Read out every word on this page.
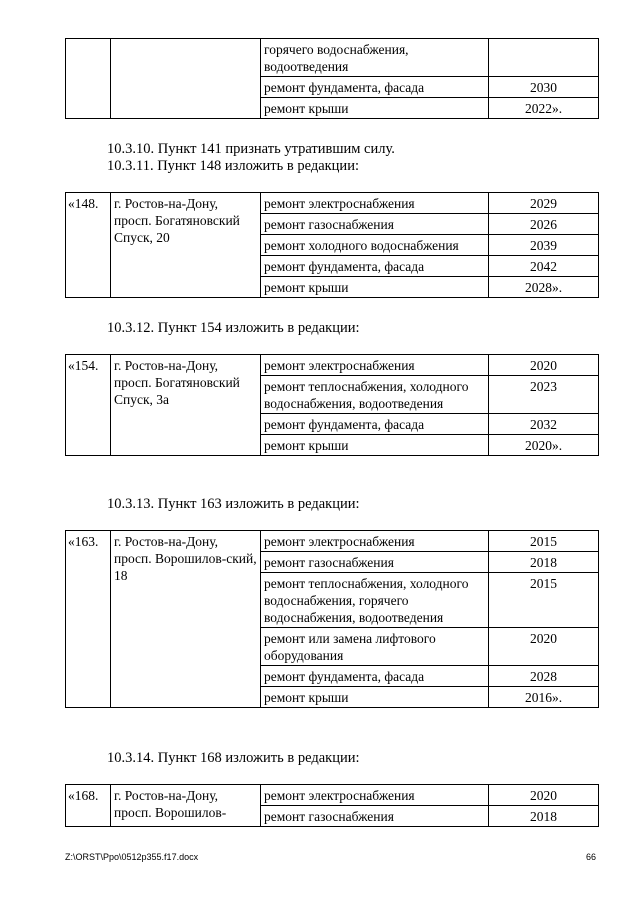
		горячего водоснабжения, водоотведения	
		ремонт фундамента, фасада	2030
		ремонт крыши	2022».
10.3.10. Пункт 141 признать утратившим силу.
10.3.11. Пункт 148 изложить в редакции:
«148.	г. Ростов-на-Дону, просп. Богатяновский Спуск, 20	ремонт электроснабжения	2029
		ремонт газоснабжения	2026
		ремонт холодного водоснабжения	2039
		ремонт фундамента, фасада	2042
		ремонт крыши	2028».
10.3.12. Пункт 154 изложить в редакции:
«154.	г. Ростов-на-Дону, просп. Богатяновский Спуск, 3а	ремонт электроснабжения	2020
		ремонт теплоснабжения, холодного водоснабжения, водоотведения	2023
		ремонт фундамента, фасада	2032
		ремонт крыши	2020».
10.3.13. Пункт 163 изложить в редакции:
«163.	г. Ростов-на-Дону, просп. Ворошилов-ский, 18	ремонт электроснабжения	2015
		ремонт газоснабжения	2018
		ремонт теплоснабжения, холодного водоснабжения, горячего водоснабжения, водоотведения	2015
		ремонт или замена лифтового оборудования	2020
		ремонт фундамента, фасада	2028
		ремонт крыши	2016».
10.3.14. Пункт 168 изложить в редакции:
«168.	г. Ростов-на-Дону, просп. Ворошилов-	ремонт электроснабжения	2020
		ремонт газоснабжения	2018
Z:\ORST\Ppo\0512p355.f17.docx	66
